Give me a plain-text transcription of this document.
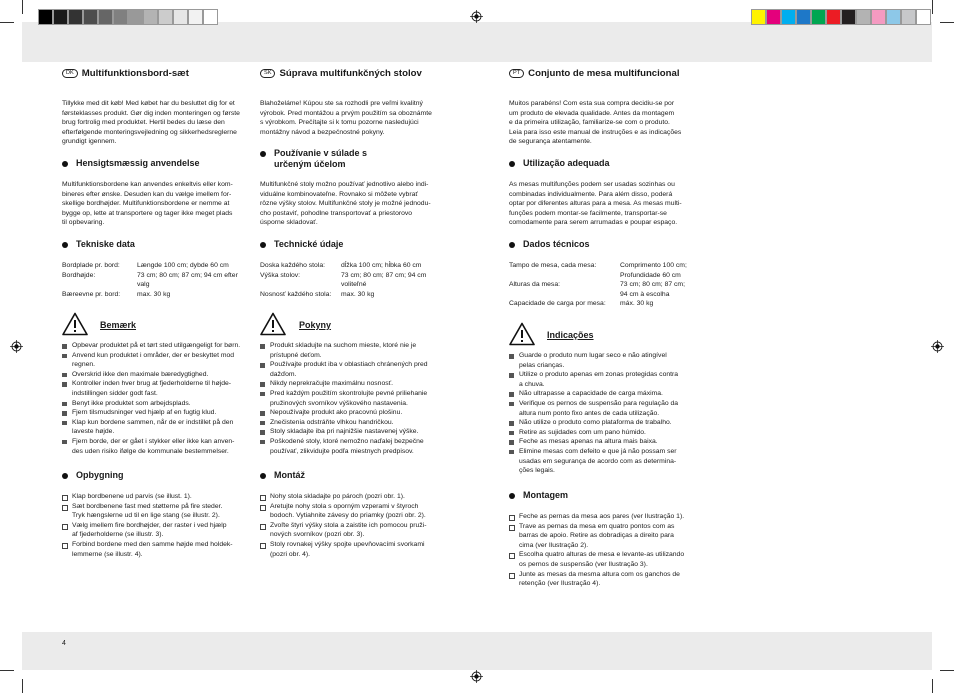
DK Multifunktionsbord-sæt
Tillykke med dit køb! Med købet har du besluttet dig for et
førsteklasses produkt. Gør dig inden monteringen og første
brug fortrolig med produktet. Hertil bedes du læse den
efterfølgende monteringsvejledning og sikkerhedsreglerne
grundigt igennem.
Hensigtsmæssig anvendelse
Multifunktionsbordene kan anvendes enkeltvis eller kom-
bineres efter ønske. Desuden kan du vælge imellem for-
skellige bordhøjder. Multifunktionsbordene er nemme at
bygge op, lette at transportere og tager ikke meget plads
til opbevaring.
Tekniske data
Bordplade pr. bord:	Længde 100 cm; dybde 60 cm
Bordhøjde:	73 cm; 80 cm; 87 cm; 94 cm efter
valg
Bæreevne pr. bord:	max. 30 kg
Bemærk
Opbevar produktet på et tørt sted utilgængeligt for børn.
Anvend kun produktet i områder, der er beskyttet mod
regnen.
Overskrid ikke den maximale bæredygtighed.
Kontroller inden hver brug at fjederholderne til højde-
indstillingen sidder godt fast.
Benyt ikke produktet som arbejdsplads.
Fjern tilsmudsninger ved hjælp af en fugtig klud.
Klap kun bordene sammen, når de er indstillet på den
laveste højde.
Fjern borde, der er gået i stykker eller ikke kan anven-
des uden risiko ifølge de kommunale bestemmelser.
Opbygning
Klap bordbenene ud parvis (se illust. 1).
Sæt bordbenene fast med støtterne på fire steder.
Tryk hængslerne ud til en lige stang (se illustr. 2).
Vælg imellem fire bordhøjder, der raster i ved hjælp
af fjederholderne (se illustr. 3).
Forbind bordene med den samme højde med holdek-
lemmerne (se illustr. 4).
SK Súprava multifunkčných stolov
Blahoželáme! Kúpou ste sa rozhodli pre veľmi kvalitný
výrobok. Pred montážou a prvým použitím sa oboznámte
s výrobkom. Prečítajte si k tomu pozorne nasledujúci
montážny návod a bezpečnostné pokyny.
Používanie v súlade s
určeným účelom
Multifunkčné stoly možno používať jednotlivo alebo indi-
viduálne kombinovateľne. Rovnako si môžete vybrať
rôzne výšky stolov. Multifunkčné stoly je možné jednodu-
cho postaviť, pohodlne transportovať a priestorovo
úsporne skladovať.
Technické údaje
Doska každého stola:	dĺžka 100 cm; hĺbka 60 cm
Výška stolov:	73 cm; 80 cm; 87 cm; 94 cm
voliteľné
Nosnosť každého stola:	max. 30 kg
Pokyny
Produkt skladujte na suchom mieste, ktoré nie je
prístupné deťom.
Používajte produkt iba v oblastiach chránených pred
dažďom.
Nikdy neprekračujte maximálnu nosnosť.
Pred každým použitím skontrolujte pevné priliehanie
pružinových svorníkov výškového nastavenia.
Nepoužívajte produkt ako pracovnú plošinu.
Znečistenia odstráňte vlhkou handričkou.
Stoly skladajte iba pri najnižšie nastavenej výške.
Poškodené stoly, ktoré nemožno naďalej bezpečne
používať, zlikvidujte podľa miestnych predpisov.
Montáž
Nohy stola skladajte po pároch (pozri obr. 1).
Aretujte nohy stola s oporným vzperami v štyroch
bodoch. Vytiahnite závesy do priamky (pozri obr. 2).
Zvoľte štyri výšky stola a zaistite ich pomocou pruži-
nových svorníkov (pozri obr. 3).
Stoly rovnakej výšky spojte upevňovacími svorkami
(pozri obr. 4).
PT Conjunto de mesa multifuncional
Muitos parabéns! Com esta sua compra decidiu-se por
um produto de elevada qualidade. Antes da montagem
e da primeira utilização, familiarize-se com o produto.
Leia para isso este manual de instruções e as indicações
de segurança atentamente.
Utilização adequada
As mesas multifunções podem ser usadas sozinhas ou
combinadas individualmente. Para além disso, poderá
optar por diferentes alturas para a mesa. As mesas multi-
funções podem montar-se facilmente, transportar-se
comodamente para serem arrumadas e poupar espaço.
Dados técnicos
Tampo de mesa, cada mesa:	Comprimento 100 cm;
Profundidade 60 cm
Alturas da mesa:	73 cm; 80 cm; 87 cm;
94 cm à escolha
Capacidade de carga por mesa:	máx. 30 kg
Indicações
Guarde o produto num lugar seco e não atingível
pelas crianças.
Utilize o produto apenas em zonas protegidas contra
a chuva.
Não ultrapasse a capacidade de carga máxima.
Verifique os pernos de suspensão para regulação da
altura num ponto fixo antes de cada utilização.
Não utilize o produto como plataforma de trabalho.
Retire as sujidades com um pano húmido.
Feche as mesas apenas na altura mais baixa.
Elimine mesas com defeito e que já não possam ser
usadas em segurança de acordo com as determina-
ções legais.
Montagem
Feche as pernas da mesa aos pares (ver Ilustração 1).
Trave as pernas da mesa em quatro pontos com as
barras de apoio. Retire as dobradiças a direito para
cima (ver Ilustração 2).
Escolha quatro alturas de mesa e levante-as utilizando
os pernos de suspensão (ver Ilustração 3).
Junte as mesas da mesma altura com os ganchos de
retenção (ver Ilustração 4).
4
